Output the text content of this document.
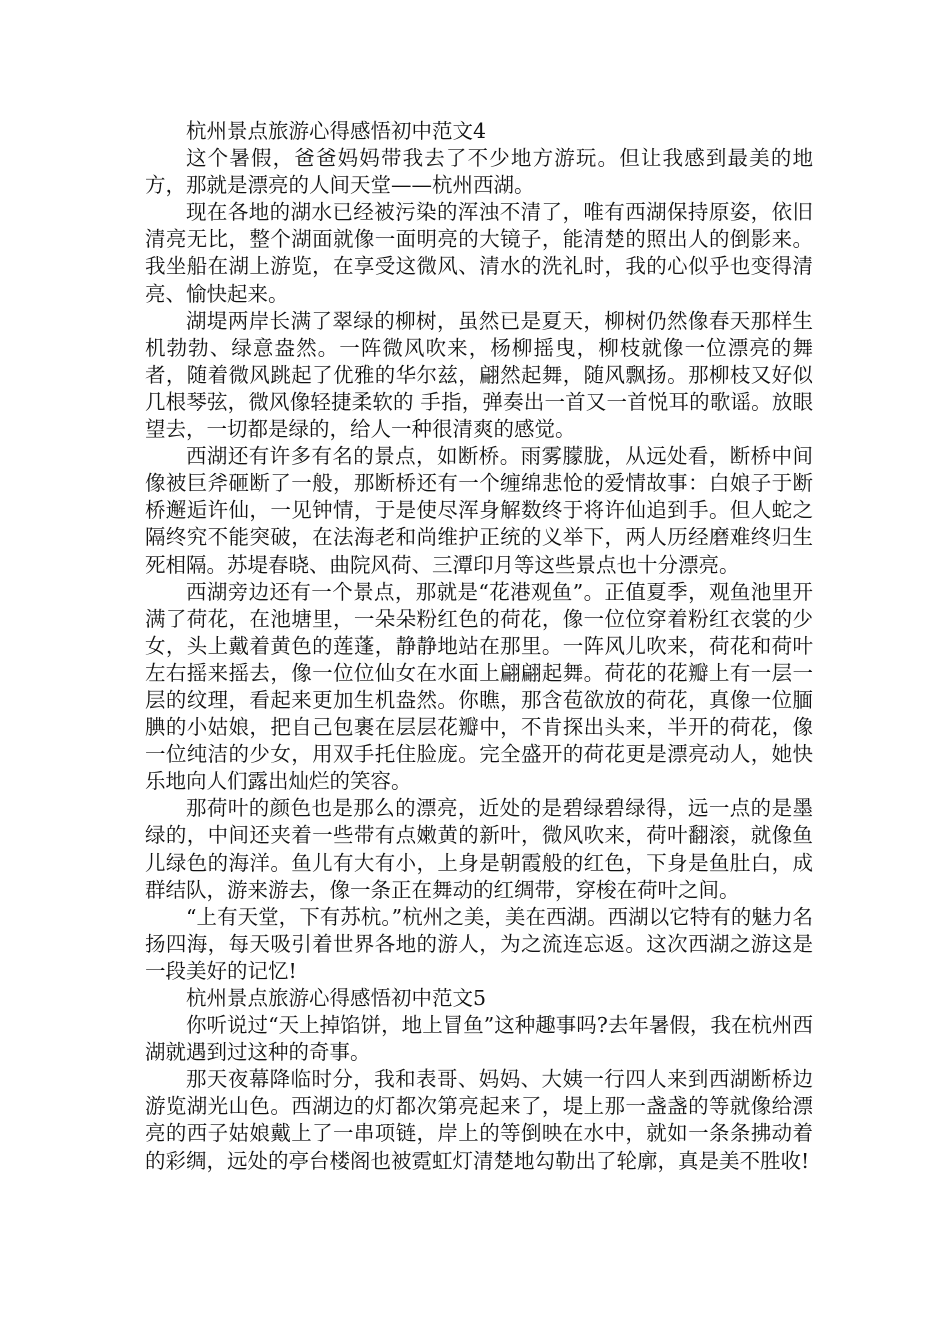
杭州景点旅游心得感悟初中范文4

这个暑假，爸爸妈妈带我去了不少地方游玩。但让我感到最美的地方，那就是漂亮的人间天堂——杭州西湖。

现在各地的湖水已经被污染的浑浊不清了，唯有西湖保持原姿，依旧清亮无比，整个湖面就像一面明亮的大镜子，能清楚的照出人的倒影来。我坐船在湖上游览，在享受这微风、清水的洗礼时，我的心似乎也变得清亮、愉快起来。

湖堤两岸长满了翠绿的柳树，虽然已是夏天，柳树仍然像春天那样生机勃勃、绿意盎然。一阵微风吹来，杨柳摇曳，柳枝就像一位漂亮的舞者，随着微风跳起了优雅的华尔兹，翩然起舞，随风飘扬。那柳枝又好似几根琴弦，微风像轻捷柔软的 手指，弹奏出一首又一首悦耳的歌谣。放眼望去，一切都是绿的，给人一种很清爽的感觉。

西湖还有许多有名的景点，如断桥。雨雾朦胧，从远处看，断桥中间像被巨斧砸断了一般，那断桥还有一个缠绵悲怆的爱情故事：白娘子于断桥邂逅许仙，一见钟情，于是使尽浑身解数终于将许仙追到手。但人蛇之隔终究不能突破，在法海老和尚维护正统的义举下，两人历经磨难终归生死相隔。苏堤春晓、曲院风荷、三潭印月等这些景点也十分漂亮。

西湖旁边还有一个景点，那就是“花港观鱼”。正值夏季，观鱼池里开满了荷花，在池塘里，一朵朵粉红色的荷花，像一位位穿着粉红衣裳的少女，头上戴着黄色的莲蓬，静静地站在那里。一阵风儿吹来，荷花和荷叶左右摇来摇去，像一位位仙女在水面上翩翩起舞。荷花的花瓣上有一层一层的纹理，看起来更加生机盎然。你瞧，那含苞欲放的荷花，真像一位腼腆的小姑娘，把自己包裹在层层花瓣中，不肯探出头来，半开的荷花，像一位纯洁的少女，用双手托住脸庞。完全盛开的荷花更是漂亮动人，她快乐地向人们露出灿烂的笑容。

那荷叶的颜色也是那么的漂亮，近处的是碧绿碧绿得，远一点的是墨绿的，中间还夹着一些带有点嫩黄的新叶，微风吹来，荷叶翻滚，就像鱼儿绿色的海洋。鱼儿有大有小，上身是朝霞般的红色，下身是鱼肚白，成群结队，游来游去，像一条正在舞动的红绸带，穿梭在荷叶之间。

“上有天堂，下有苏杭。”杭州之美，美在西湖。西湖以它特有的魅力名扬四海，每天吸引着世界各地的游人，为之流连忘返。这次西湖之游这是一段美好的记忆!

杭州景点旅游心得感悟初中范文5

你听说过“天上掉馅饼，地上冒鱼”这种趣事吗?去年暑假，我在杭州西湖就遇到过这种的奇事。

那天夜幕降临时分，我和表哥、妈妈、大姨一行四人来到西湖断桥边游览湖光山色。西湖边的灯都次第亮起来了，堤上那一盏盏的等就像给漂亮的西子姑娘戴上了一串项链，岸上的等倒映在水中，就如一条条拂动着的彩绸，远处的亭台楼阁也被霓虹灯清楚地勾勒出了轮廓，真是美不胜收!
